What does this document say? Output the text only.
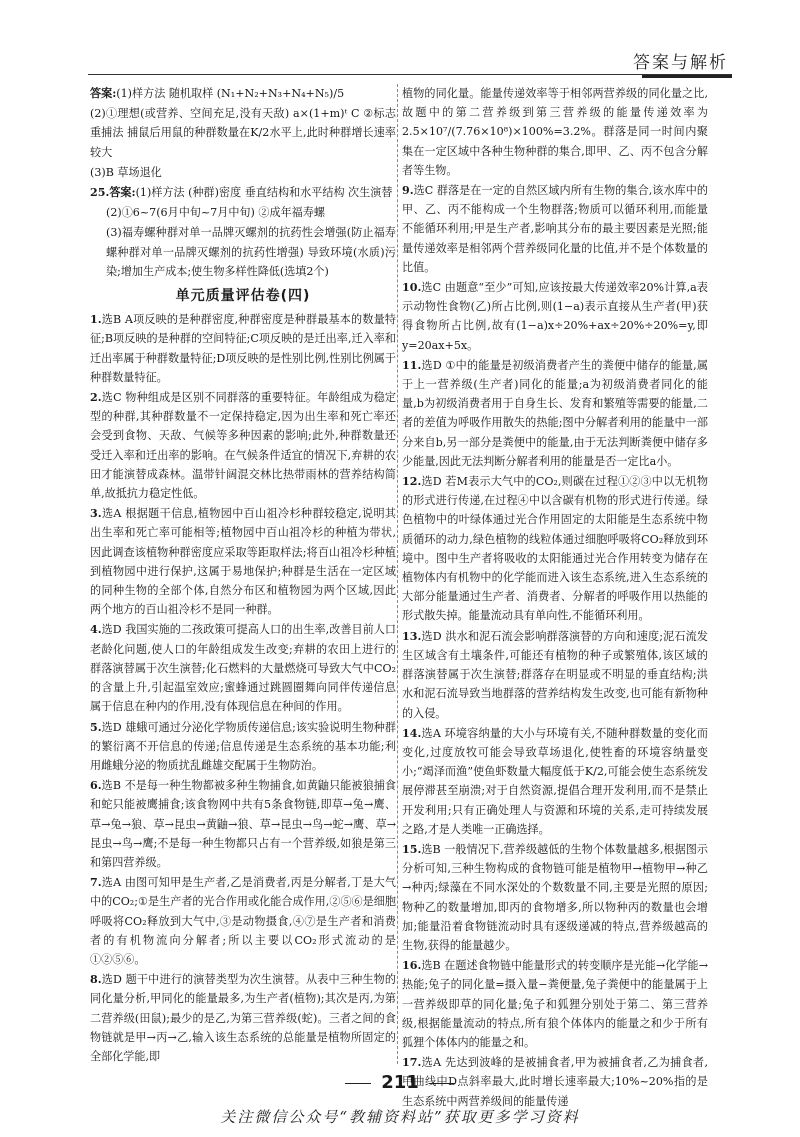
答案与解析
答案:(1)样方法 随机取样 (N₁+N₂+N₃+N₄+N₅)/5
(2)①理想(或营养、空间充足,没有天敌) a×(1+m)ᵗ C ②标志重捕法 捕鼠后用鼠的种群数量在K/2水平上,此时种群增长速率较大
(3)B 草场退化
25.答案:(1)样方法 (种群)密度 垂直结构和水平结构 次生演替
(2)①6~7(6月中旬~7月中旬) ②成年福寿螺
(3)福寿螺种群对单一品牌灭螺剂的抗药性会增强(防止福寿螺种群对单一品牌灭螺剂的抗药性增强) 导致环境(水质)污染;增加生产成本;使生物多样性降低(选填2个)
单元质量评估卷(四)
1.选B A项反映的是种群密度,种群密度是种群最基本的数量特征;B项反映的是种群的空间特征;C项反映的是迁出率,迁入率和迁出率属于种群数量特征;D项反映的是性别比例,性别比例属于种群数量特征。
2.选C 物种组成是区别不同群落的重要特征。年龄组成为稳定型的种群,其种群数量不一定保持稳定,因为出生率和死亡率还会受到食物、天敌、气候等多种因素的影响;此外,种群数量还受迁入率和迁出率的影响。在气候条件适宜的情况下,弃耕的农田才能演替成森林。温带针阔混交林比热带雨林的营养结构简单,故抵抗力稳定性低。
3.选A 根据题干信息,植物园中百山祖冷杉种群较稳定,说明其出生率和死亡率可能相等;植物园中百山祖冷杉的种植为带状,因此调查该植物种群密度应采取等距取样法;将百山祖冷杉种植到植物园中进行保护,这属于易地保护;种群是生活在一定区域的同种生物的全部个体,自然分布区和植物园为两个区域,因此两个地方的百山祖冷杉不是同一种群。
4.选D 我国实施的二孩政策可提高人口的出生率,改善目前人口老龄化问题,使人口的年龄组成发生改变;弃耕的农田上进行的群落演替属于次生演替;化石燃料的大量燃烧可导致大气中CO₂的含量上升,引起温室效应;蜜蜂通过跳圆圈舞向同伴传递信息属于信息在种内的作用,没有体现信息在种间的作用。
5.选D 雄蛾可通过分泌化学物质传递信息;该实验说明生物种群的繁衍离不开信息的传递;信息传递是生态系统的基本功能;利用雌蛾分泌的物质扰乱雌雄交配属于生物防治。
6.选B 不是每一种生物都被多种生物捕食,如黄鼬只能被狼捕食和蛇只能被鹰捕食;该食物网中共有5条食物链,即草→兔→鹰、草→兔→狼、草→昆虫→黄鼬→狼、草→昆虫→鸟→蛇→鹰、草→昆虫→鸟→鹰;不是每一种生物都只占有一个营养级,如狼是第三和第四营养级。
7.选A 由图可知甲是生产者,乙是消费者,丙是分解者,丁是大气中的CO₂;①是生产者的光合作用或化能合成作用,②⑤⑥是细胞呼吸将CO₂释放到大气中,③是动物摄食,④⑦是生产者和消费者的有机物流向分解者;所以主要以CO₂形式流动的是①②⑤⑥。
8.选D 题干中进行的演替类型为次生演替。从表中三种生物的同化量分析,甲同化的能量最多,为生产者(植物);其次是丙,为第二营养级(田鼠);最少的是乙,为第三营养级(蛇)。三者之间的食物链就是甲→丙→乙,输入该生态系统的总能量是植物所固定的全部化学能,即
植物的同化量。能量传递效率等于相邻两营养级的同化量之比,故题中的第二营养级到第三营养级的能量传递效率为2.5×10⁷/(7.76×10⁸)×100%=3.2%。群落是同一时间内聚集在一定区域中各种生物种群的集合,即甲、乙、丙不包含分解者等生物。
9.选C 群落是在一定的自然区域内所有生物的集合,该水库中的甲、乙、丙不能构成一个生物群落;物质可以循环利用,而能量不能循环利用;甲是生产者,影响其分布的最主要因素是光照;能量传递效率是相邻两个营养级同化量的比值,并不是个体数量的比值。
10.选C 由题意“至少”可知,应该按最大传递效率20%计算,a表示动物性食物(乙)所占比例,则(1−a)表示直接从生产者(甲)获得食物所占比例,故有(1−a)x÷20%+ax÷20%÷20%=y,即y=20ax+5x。
11.选D ①中的能量是初级消费者产生的粪便中储存的能量,属于上一营养级(生产者)同化的能量;a为初级消费者同化的能量,b为初级消费者用于自身生长、发育和繁殖等需要的能量,二者的差值为呼吸作用散失的热能;图中分解者利用的能量中一部分来自b,另一部分是粪便中的能量,由于无法判断粪便中储存多少能量,因此无法判断分解者利用的能量是否一定比a小。
12.选D 若M表示大气中的CO₂,则碳在过程①②③中以无机物的形式进行传递,在过程④中以含碳有机物的形式进行传递。绿色植物中的叶绿体通过光合作用固定的太阳能是生态系统中物质循环的动力,绿色植物的线粒体通过细胞呼吸将CO₂释放到环境中。图中生产者将吸收的太阳能通过光合作用转变为储存在植物体内有机物中的化学能而进入该生态系统,进入生态系统的大部分能量通过生产者、消费者、分解者的呼吸作用以热能的形式散失掉。能量流动具有单向性,不能循环利用。
13.选D 洪水和泥石流会影响群落演替的方向和速度;泥石流发生区域含有土壤条件,可能还有植物的种子或繁殖体,该区域的群落演替属于次生演替;群落存在明显或不明显的垂直结构;洪水和泥石流导致当地群落的营养结构发生改变,也可能有新物种的入侵。
14.选A 环境容纳量的大小与环境有关,不随种群数量的变化而变化,过度放牧可能会导致草场退化,使牲畜的环境容纳量变小;“竭泽而渔”使鱼虾数量大幅度低于K/2,可能会使生态系统发展停滞甚至崩溃;对于自然资源,提倡合理开发利用,而不是禁止开发利用;只有正确处理人与资源和环境的关系,走可持续发展之路,才是人类唯一正确选择。
15.选B 一般情况下,营养级越低的生物个体数量越多,根据图示分析可知,三种生物构成的食物链可能是植物甲→植物甲→种乙→种丙;绿藻在不同水深处的个数数量不同,主要是光照的原因;物种乙的数量增加,即丙的食物增多,所以物种丙的数量也会增加;能量沿着食物链流动时具有逐级递减的特点,营养级越高的生物,获得的能量越少。
16.选B 在题述食物链中能量形式的转变顺序是光能→化学能→热能;兔子的同化量=摄入量−粪便量,兔子粪便中的能量属于上一营养级即草的同化量;兔子和狐狸分别处于第二、第三营养级,根据能量流动的特点,所有狼个体体内的能量之和少于所有狐狸个体体内的能量之和。
17.选A 先达到波峰的是被捕食者,甲为被捕食者,乙为捕食者,甲曲线中D点斜率最大,此时增长速率最大;10%~20%指的是生态系统中两营养级间的能量传递
211
关注微信公众号“教辅资料站”获取更多学习资料
